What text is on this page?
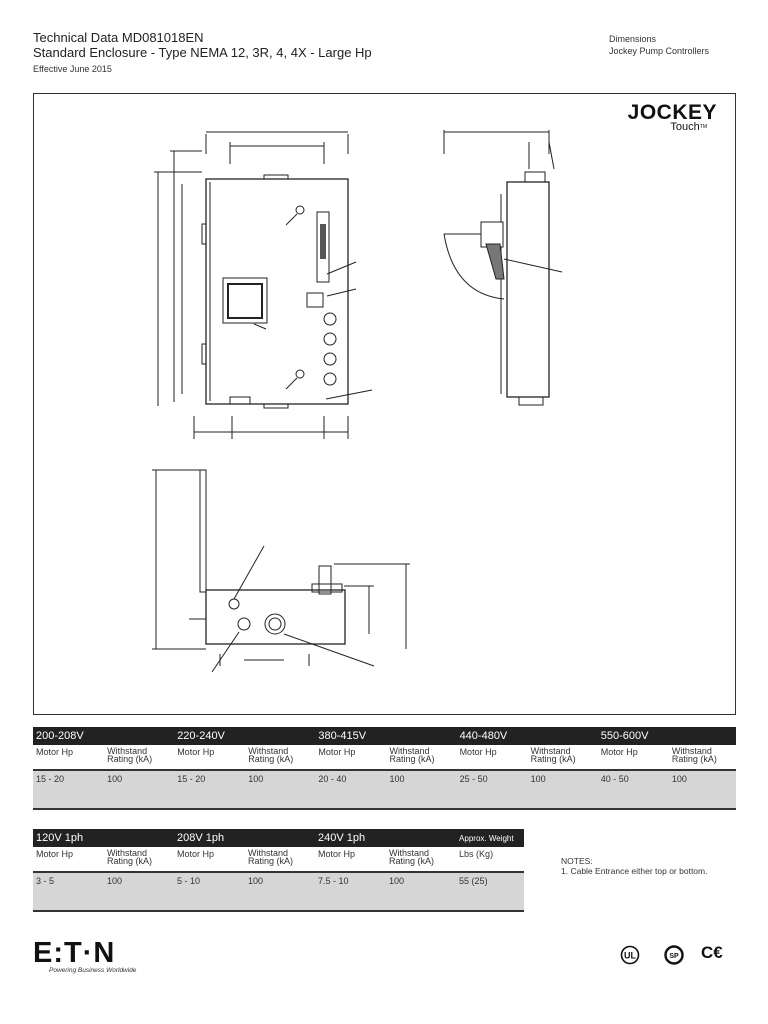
Technical Data MD081018EN
Standard Enclosure - Type NEMA 12, 3R, 4, 4X - Large Hp
Effective June 2015
Dimensions
Jockey Pump Controllers
JOCKEY
Touch™
200-208V		220-240V		380-415V		440-480V		550-600V	
Motor Hp	Withstand Rating (kA)	Motor Hp	Withstand Rating (kA)	Motor Hp	Withstand Rating (kA)	Motor Hp	Withstand Rating (kA)	Motor Hp	Withstand Rating (kA)
15 - 20	100	15 - 20	100	20 - 40	100	25 - 50	100	40 - 50	100
120V 1ph		208V 1ph		240V 1ph		Approx. Weight
Motor Hp	Withstand Rating (kA)	Motor Hp	Withstand Rating (kA)	Motor Hp	Withstand Rating (kA)	Lbs (Kg)
3 - 5	100	5 - 10	100	7.5 - 10	100	55 (25)
NOTES:
1. Cable Entrance either top or bottom.
E:T·N
Powering Business Worldwide
UL	SP C€
